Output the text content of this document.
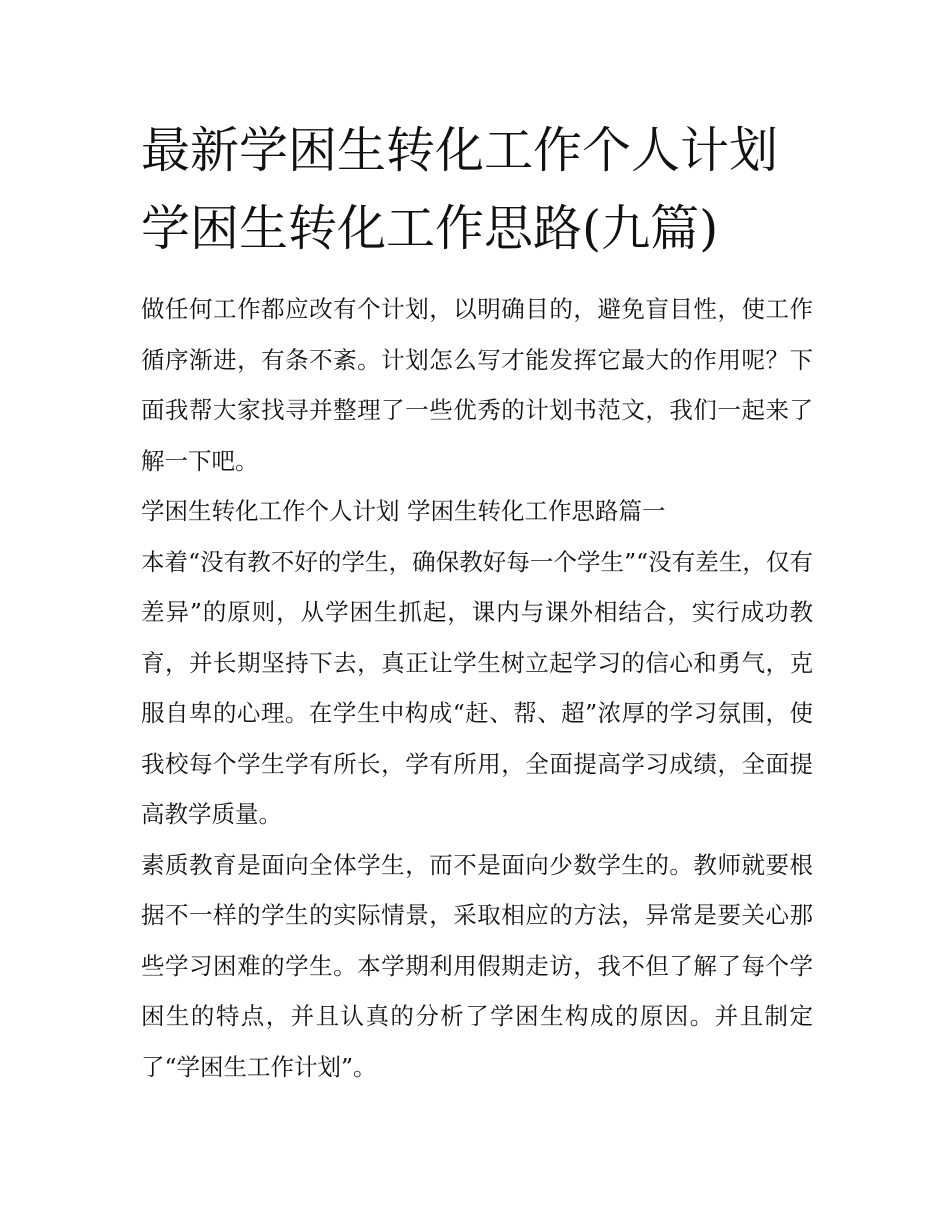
最新学困生转化工作个人计划
学困生转化工作思路(九篇)

做任何工作都应改有个计划，以明确目的，避免盲目性，使工作循序渐进，有条不紊。计划怎么写才能发挥它最大的作用呢？下面我帮大家找寻并整理了一些优秀的计划书范文，我们一起来了解一下吧。

学困生转化工作个人计划 学困生转化工作思路篇一

本着“没有教不好的学生，确保教好每一个学生”“没有差生，仅有差异”的原则，从学困生抓起，课内与课外相结合，实行成功教育，并长期坚持下去，真正让学生树立起学习的信心和勇气，克服自卑的心理。在学生中构成“赶、帮、超”浓厚的学习氛围，使我校每个学生学有所长，学有所用，全面提高学习成绩，全面提高教学质量。

素质教育是面向全体学生，而不是面向少数学生的。教师就要根据不一样的学生的实际情景，采取相应的方法，异常是要关心那些学习困难的学生。本学期利用假期走访，我不但了解了每个学困生的特点，并且认真的分析了学困生构成的原因。并且制定了“学困生工作计划”。
